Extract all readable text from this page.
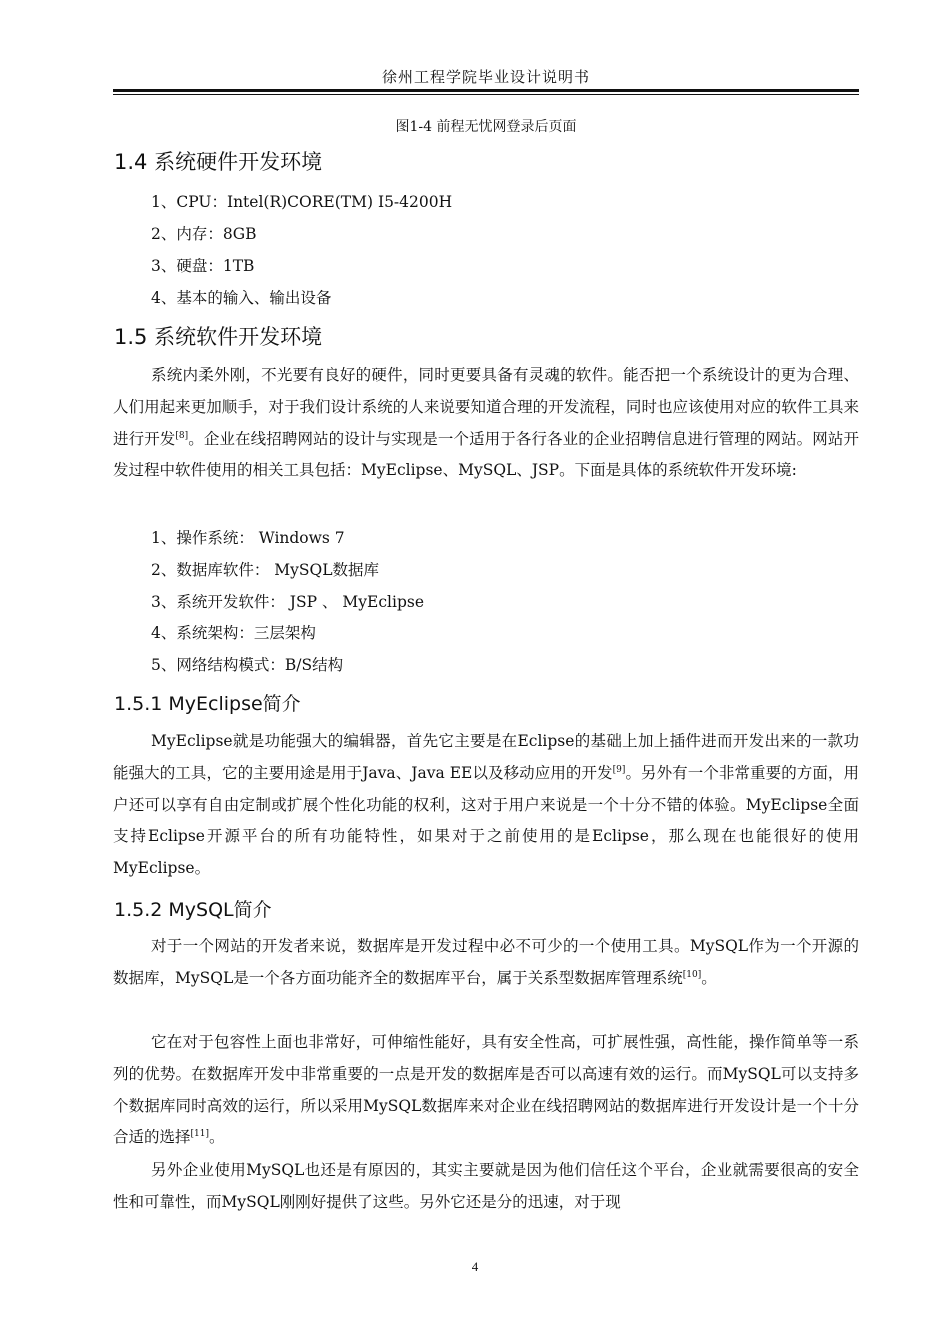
徐州工程学院毕业设计说明书
图1-4 前程无忧网登录后页面
1.4 系统硬件开发环境
1、CPU：Intel(R)CORE(TM) I5-4200H
2、内存：8GB
3、硬盘：1TB
4、基本的输入、输出设备
1.5 系统软件开发环境

系统内柔外刚，不光要有良好的硬件，同时更要具备有灵魂的软件。能否把一个系统设计的更为合理、人们用起来更加顺手，对于我们设计系统的人来说要知道合理的开发流程，同时也应该使用对应的软件工具来进行开发[8]。企业在线招聘网站的设计与实现是一个适用于各行各业的企业招聘信息进行管理的网站。网站开发过程中软件使用的相关工具包括：MyEclipse、MySQL、JSP。下面是具体的系统软件开发环境:

1、操作系统： Windows 7
2、数据库软件： MySQL数据库
3、系统开发软件： JSP 、 MyEclipse
4、系统架构：三层架构
5、网络结构模式：B/S结构
1.5.1 MyEclipse简介

MyEclipse就是功能强大的编辑器，首先它主要是在Eclipse的基础上加上插件进而开发出来的一款功能强大的工具，它的主要用途是用于Java、Java EE以及移动应用的开发[9]。另外有一个非常重要的方面，用户还可以享有自由定制或扩展个性化功能的权利，这对于用户来说是一个十分不错的体验。MyEclipse全面支持Eclipse开源平台的所有功能特性，如果对于之前使用的是Eclipse，那么现在也能很好的使用MyEclipse。

1.5.2 MySQL简介

对于一个网站的开发者来说，数据库是开发过程中必不可少的一个使用工具。MySQL作为一个开源的数据库，MySQL是一个各方面功能齐全的数据库平台，属于关系型数据库管理系统[10]。

它在对于包容性上面也非常好，可伸缩性能好，具有安全性高，可扩展性强，高性能，操作简单等一系列的优势。在数据库开发中非常重要的一点是开发的数据库是否可以高速有效的运行。而MySQL可以支持多个数据库同时高效的运行，所以采用MySQL数据库来对企业在线招聘网站的数据库进行开发设计是一个十分合适的选择[11]。

另外企业使用MySQL也还是有原因的，其实主要就是因为他们信任这个平台，企业就需要很高的安全性和可靠性，而MySQL刚刚好提供了这些。另外它还是分的迅速，对于现

4
